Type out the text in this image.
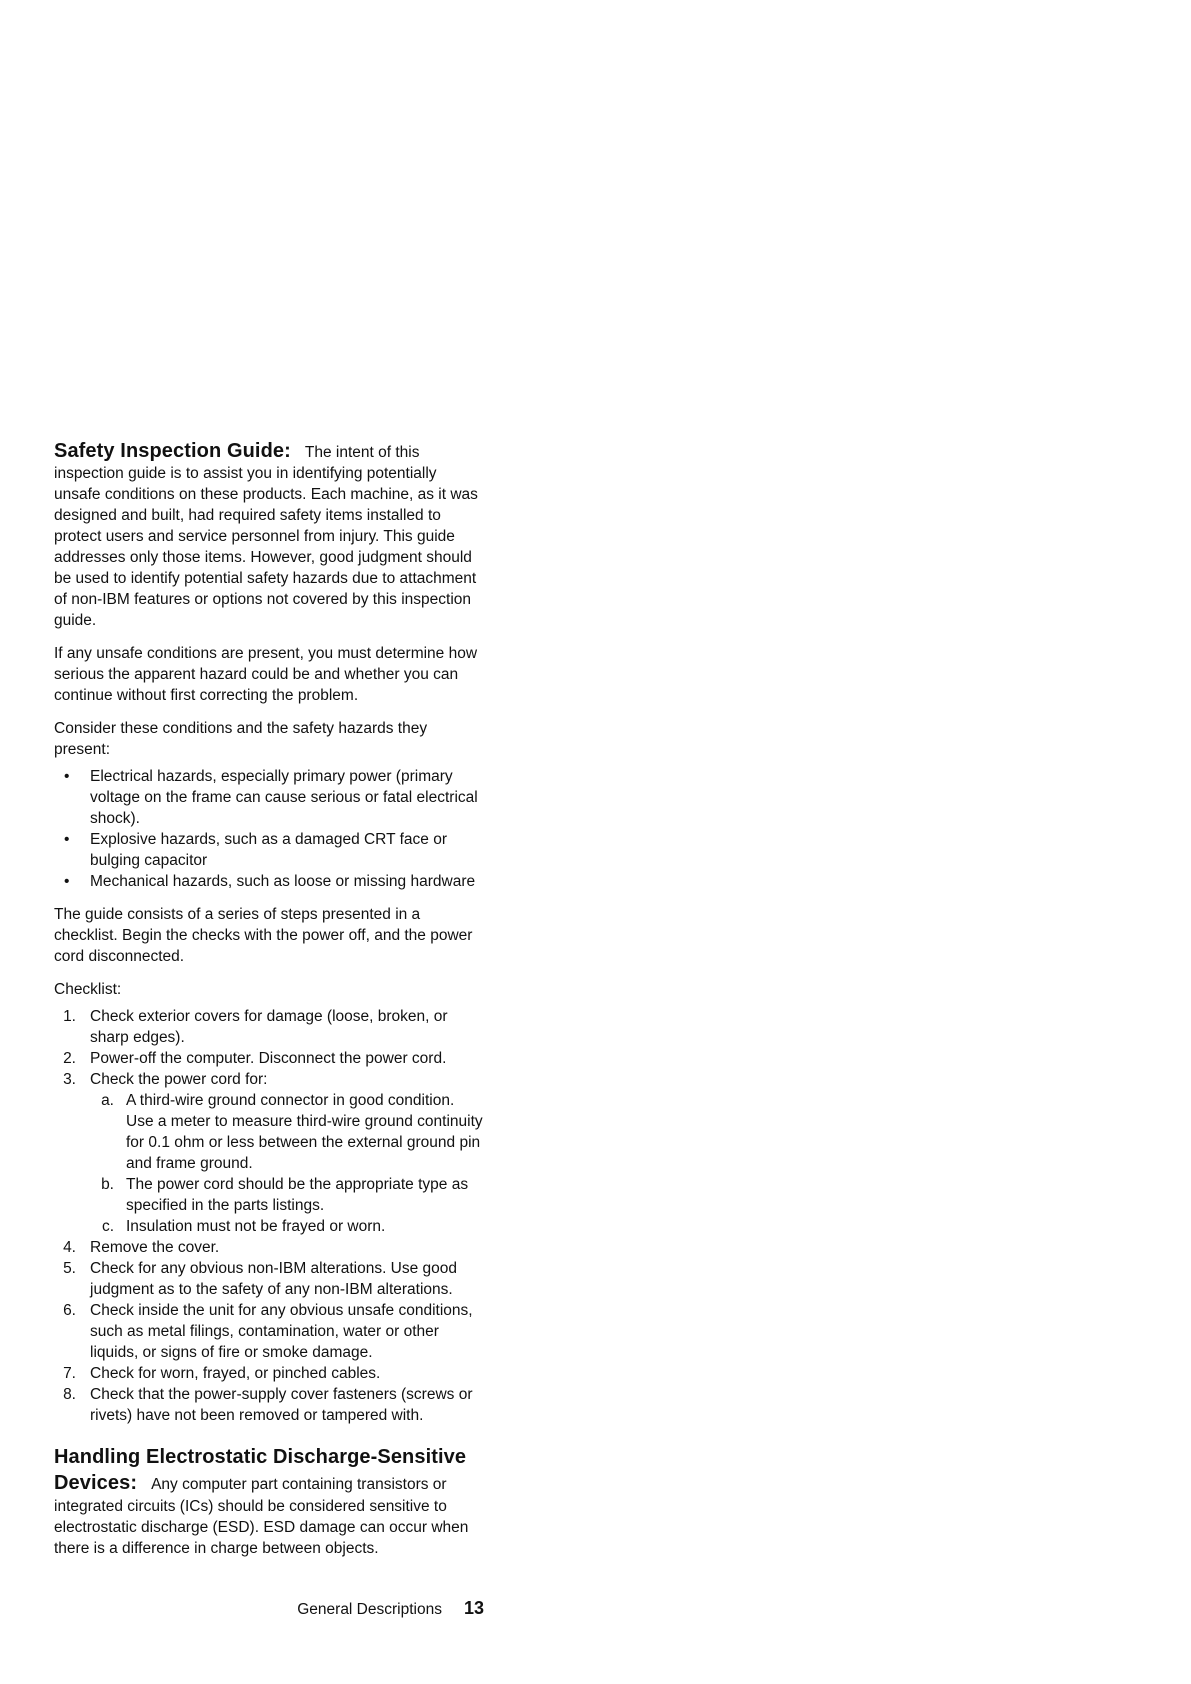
Safety Inspection Guide: The intent of this inspection guide is to assist you in identifying potentially unsafe conditions on these products. Each machine, as it was designed and built, had required safety items installed to protect users and service personnel from injury. This guide addresses only those items. However, good judgment should be used to identify potential safety hazards due to attachment of non-IBM features or options not covered by this inspection guide.

If any unsafe conditions are present, you must determine how serious the apparent hazard could be and whether you can continue without first correcting the problem.

Consider these conditions and the safety hazards they present:

• Electrical hazards, especially primary power (primary voltage on the frame can cause serious or fatal electrical shock).
• Explosive hazards, such as a damaged CRT face or bulging capacitor
• Mechanical hazards, such as loose or missing hardware

The guide consists of a series of steps presented in a checklist. Begin the checks with the power off, and the power cord disconnected.

Checklist:

1. Check exterior covers for damage (loose, broken, or sharp edges).
2. Power-off the computer. Disconnect the power cord.
3. Check the power cord for:
a. A third-wire ground connector in good condition. Use a meter to measure third-wire ground continuity for 0.1 ohm or less between the external ground pin and frame ground.
b. The power cord should be the appropriate type as specified in the parts listings.
c. Insulation must not be frayed or worn.
4. Remove the cover.
5. Check for any obvious non-IBM alterations. Use good judgment as to the safety of any non-IBM alterations.
6. Check inside the unit for any obvious unsafe conditions, such as metal filings, contamination, water or other liquids, or signs of fire or smoke damage.
7. Check for worn, frayed, or pinched cables.
8. Check that the power-supply cover fasteners (screws or rivets) have not been removed or tampered with.
Handling Electrostatic Discharge-Sensitive

Devices: Any computer part containing transistors or integrated circuits (ICs) should be considered sensitive to electrostatic discharge (ESD). ESD damage can occur when there is a difference in charge between objects.

General Descriptions 13
